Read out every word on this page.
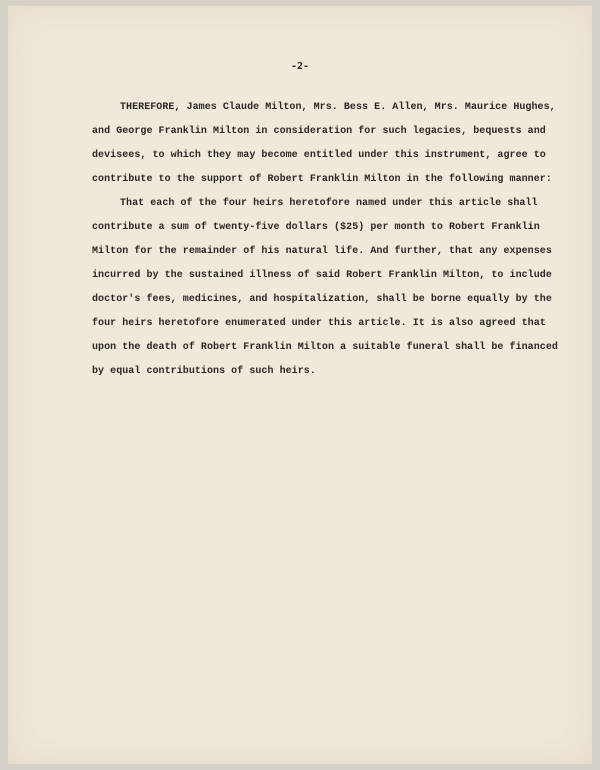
-2-
THEREFORE, James Claude Milton, Mrs. Bess E. Allen, Mrs. Maurice Hughes,
and George Franklin Milton in consideration for such legacies, bequests and
devisees, to which they may become entitled under this instrument, agree to
contribute to the support of Robert Franklin Milton in the following manner:
That each of the four heirs heretofore named under this article shall
contribute a sum of twenty-five dollars ($25) per month to Robert Franklin
Milton for the remainder of his natural life. And further, that any expenses
incurred by the sustained illness of said Robert Franklin Milton, to include
doctor's fees, medicines, and hospitalization, shall be borne equally by the
four heirs heretofore enumerated under this article. It is also agreed that
upon the death of Robert Franklin Milton a suitable funeral shall be financed
by equal contributions of such heirs.
